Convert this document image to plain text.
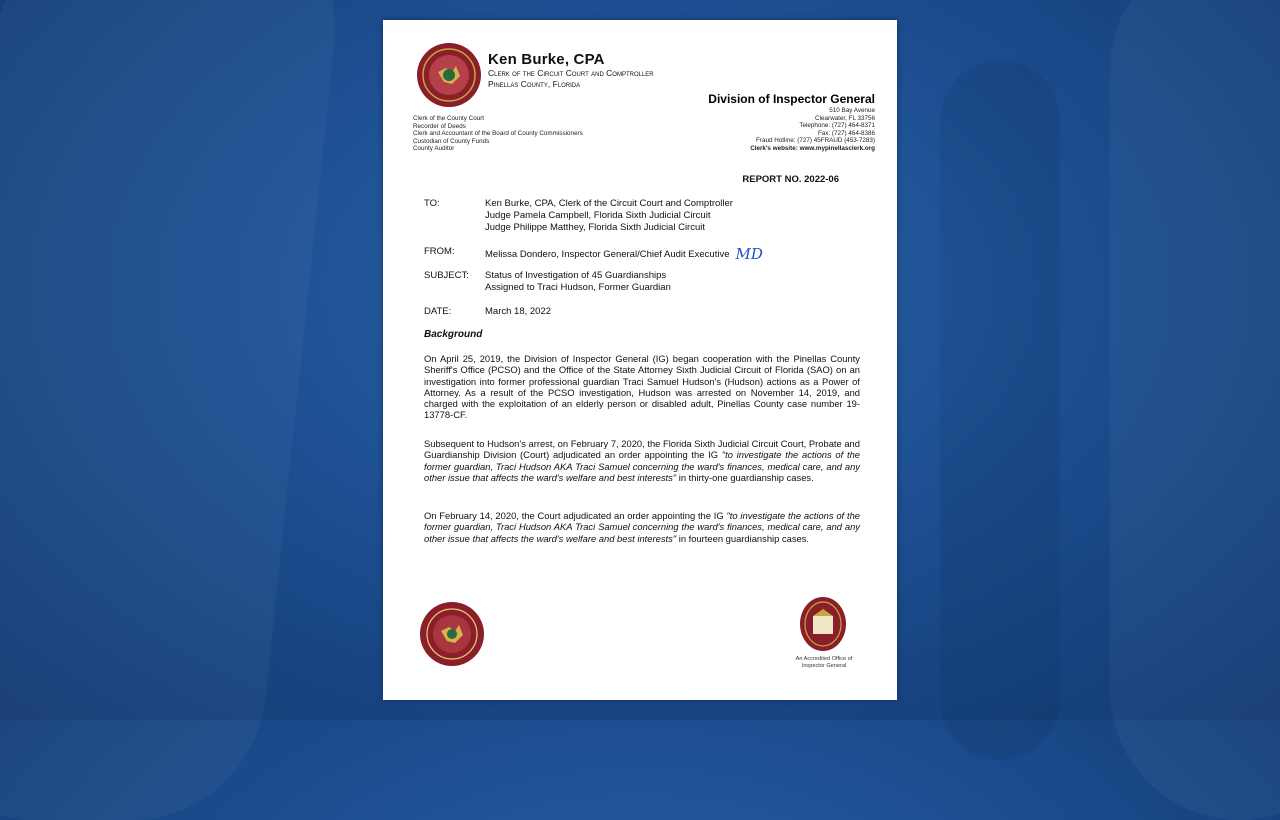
Ken Burke, CPA
Clerk of the Circuit Court and Comptroller
Pinellas County, Florida
Clerk of the County Court
Recorder of Deeds
Clerk and Accountant of the Board of County Commissioners
Custodian of County Funds
County Auditor
Division of Inspector General
510 Bay Avenue
Clearwater, FL 33756
Telephone: (727) 464-8371
Fax: (727) 464-8386
Fraud Hotline: (727) 45FRAUD (453-7283)
Clerk's website: www.mypinellasclerk.org
REPORT NO. 2022-06
TO:	Ken Burke, CPA, Clerk of the Circuit Court and Comptroller
Judge Pamela Campbell, Florida Sixth Judicial Circuit
Judge Philippe Matthey, Florida Sixth Judicial Circuit
FROM:	Melissa Dondero, Inspector General/Chief Audit Executive MD
SUBJECT:	Status of Investigation of 45 Guardianships
Assigned to Traci Hudson, Former Guardian
DATE:	March 18, 2022
Background
On April 25, 2019, the Division of Inspector General (IG) began cooperation with the Pinellas County Sheriff's Office (PCSO) and the Office of the State Attorney Sixth Judicial Circuit of Florida (SAO) on an investigation into former professional guardian Traci Samuel Hudson's (Hudson) actions as a Power of Attorney. As a result of the PCSO investigation, Hudson was arrested on November 14, 2019, and charged with the exploitation of an elderly person or disabled adult, Pinellas County case number 19-13778-CF.
Subsequent to Hudson's arrest, on February 7, 2020, the Florida Sixth Judicial Circuit Court, Probate and Guardianship Division (Court) adjudicated an order appointing the IG "to investigate the actions of the former guardian, Traci Hudson AKA Traci Samuel concerning the ward's finances, medical care, and any other issue that affects the ward's welfare and best interests" in thirty-one guardianship cases.
On February 14, 2020, the Court adjudicated an order appointing the IG "to investigate the actions of the former guardian, Traci Hudson AKA Traci Samuel concerning the ward's finances, medical care, and any other issue that affects the ward's welfare and best interests" in fourteen guardianship cases.
An Accredited Office of
Inspector General
